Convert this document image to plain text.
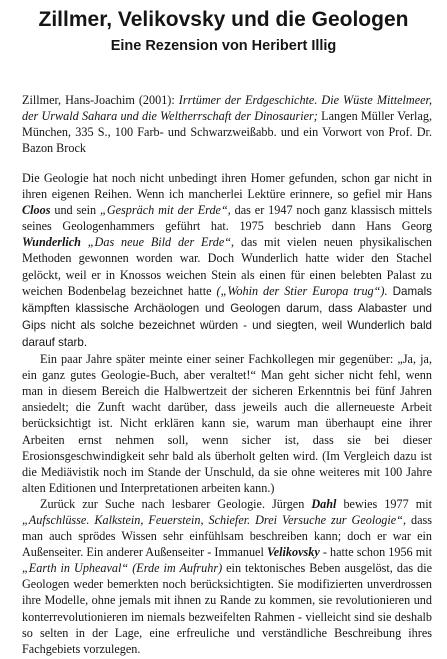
Zillmer, Velikovsky und die Geologen
Eine Rezension von Heribert Illig

Zillmer, Hans-Joachim (2001): Irrtümer der Erdgeschichte. Die Wüste Mittelmeer, der Urwald Sahara und die Weltherrschaft der Dinosaurier; Langen Müller Verlag, München, 335 S., 100 Farb- und Schwarzweißabb. und ein Vorwort von Prof. Dr. Bazon Brock

Die Geologie hat noch nicht unbedingt ihren Homer gefunden, schon gar nicht in ihren eigenen Reihen. Wenn ich mancherlei Lektüre erinnere, so gefiel mir Hans Cloos und sein „Gespräch mit der Erde“, das er 1947 noch ganz klassisch mittels seines Geologenhammers geführt hat. 1975 beschrieb dann Hans Georg Wunderlich „Das neue Bild der Erde“, das mit vielen neuen physikalischen Methoden gewonnen worden war. Doch Wunderlich hatte wider den Stachel gelöckt, weil er in Knossos weichen Stein als einen für einen belebten Palast zu weichen Bodenbelag bezeichnet hatte („Wohin der Stier Europa trug“). Damals kämpften klassische Archäologen und Geologen darum, dass Alabaster und Gips nicht als solche bezeichnet würden - und siegten, weil Wunderlich bald darauf starb.

Ein paar Jahre später meinte einer seiner Fachkollegen mir gegenüber: „Ja, ja, ein ganz gutes Geologie-Buch, aber veraltet!“ Man geht sicher nicht fehl, wenn man in diesem Bereich die Halbwertzeit der sicheren Erkenntnis bei fünf Jahren ansiedelt; die Zunft wacht darüber, dass jeweils auch die allerneueste Arbeit berücksichtigt ist. Nicht erklären kann sie, warum man überhaupt eine ihrer Arbeiten ernst nehmen soll, wenn sicher ist, dass sie bei dieser Erosionsgeschwindigkeit sehr bald als überholt gelten wird. (Im Vergleich dazu ist die Mediävistik noch im Stande der Unschuld, da sie ohne weiteres mit 100 Jahre alten Editionen und Interpretationen arbeiten kann.)

Zurück zur Suche nach lesbarer Geologie. Jürgen Dahl bewies 1977 mit „Aufschlüsse. Kalkstein, Feuerstein, Schiefer. Drei Versuche zur Geologie“, dass man auch sprödes Wissen sehr einfühlsam beschreiben kann; doch er war ein Außenseiter. Ein anderer Außenseiter - Immanuel Velikovsky - hatte schon 1956 mit „Earth in Upheaval“ (Erde im Aufruhr) ein tektonisches Beben ausgelöst, das die Geologen weder bemerkten noch berücksichtigten. Sie modifizierten unverdrossen ihre Modelle, ohne jemals mit ihnen zu Rande zu kommen, sie revolutionieren und konterrevolutionieren im niemals bezweifelten Rahmen - vielleicht sind sie deshalb so selten in der Lage, eine erfreuliche und verständliche Beschreibung ihres Fachgebiets vorzulegen.
